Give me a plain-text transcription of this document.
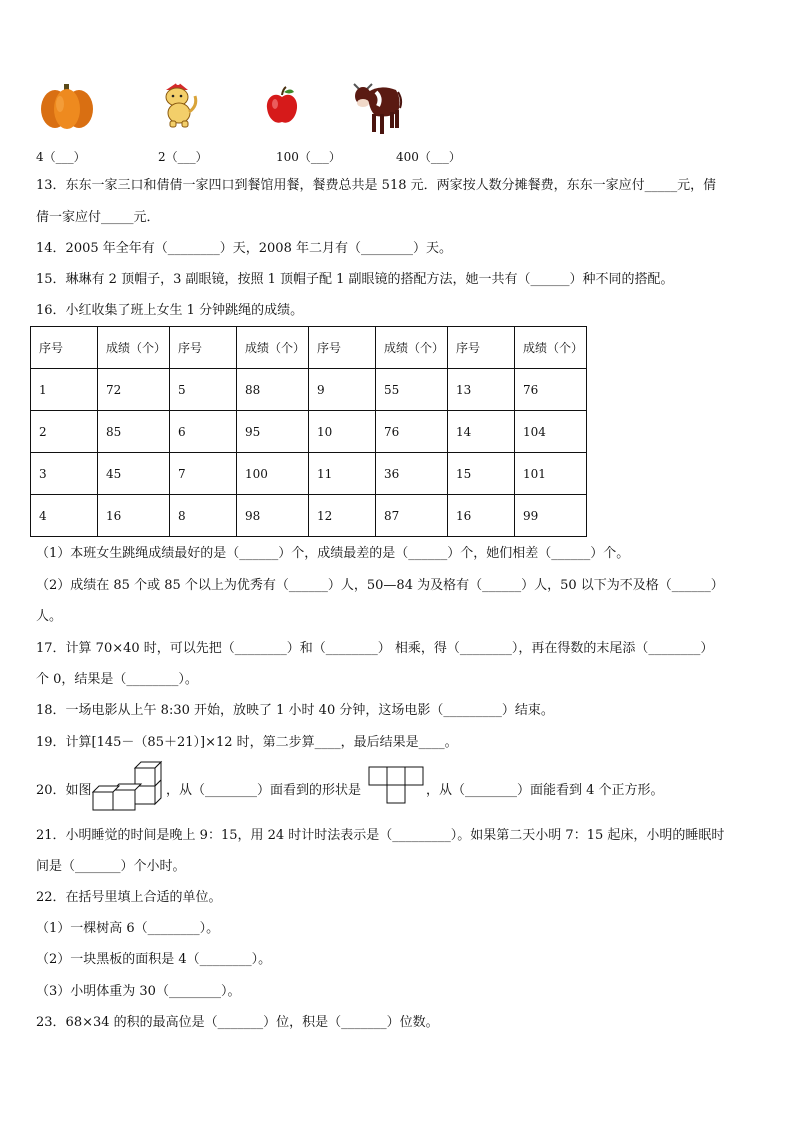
4（___）	2（___）	100（___）	400（___）
13．东东一家三口和倩倩一家四口到餐馆用餐，餐费总共是 518 元．两家按人数分摊餐费，东东一家应付_____元，倩
倩一家应付_____元．
14．2005 年全年有（________）天，2008 年二月有（________）天。
15．琳琳有 2 顶帽子，3 副眼镜，按照 1 顶帽子配 1 副眼镜的搭配方法，她一共有（______）种不同的搭配。
16．小红收集了班上女生 1 分钟跳绳的成绩。
序号	成绩（个）	序号	成绩（个）	序号	成绩（个）	序号	成绩（个）
1	72	5	88	9	55	13	76
2	85	6	95	10	76	14	104
3	45	7	100	11	36	15	101
4	16	8	98	12	87	16	99
（1）本班女生跳绳成绩最好的是（______）个，成绩最差的是（______）个，她们相差（______）个。
（2）成绩在 85 个或 85 个以上为优秀有（______）人，50—84 为及格有（______）人，50 以下为不及格（______）
人。
17．计算 70×40 时，可以先把（________）和（________） 相乘，得（________），再在得数的末尾添（________）
个 0，结果是（________）。
18．一场电影从上午 8:30 开始，放映了 1 小时 40 分钟，这场电影（_________）结束。
19．计算[145－（85＋21）]×12 时，第二步算____，最后结果是____。
20．如图	，从（________）面看到的形状是	，从（________）面能看到 4 个正方形。
21．小明睡觉的时间是晚上 9：15，用 24 时计时法表示是（_________）。如果第二天小明 7：15 起床，小明的睡眠时
间是（_______）个小时。
22．在括号里填上合适的单位。
（1）一棵树高 6（________）。
（2）一块黑板的面积是 4（________）。
（3）小明体重为 30（________）。
23．68×34 的积的最高位是（_______）位，积是（_______）位数。
